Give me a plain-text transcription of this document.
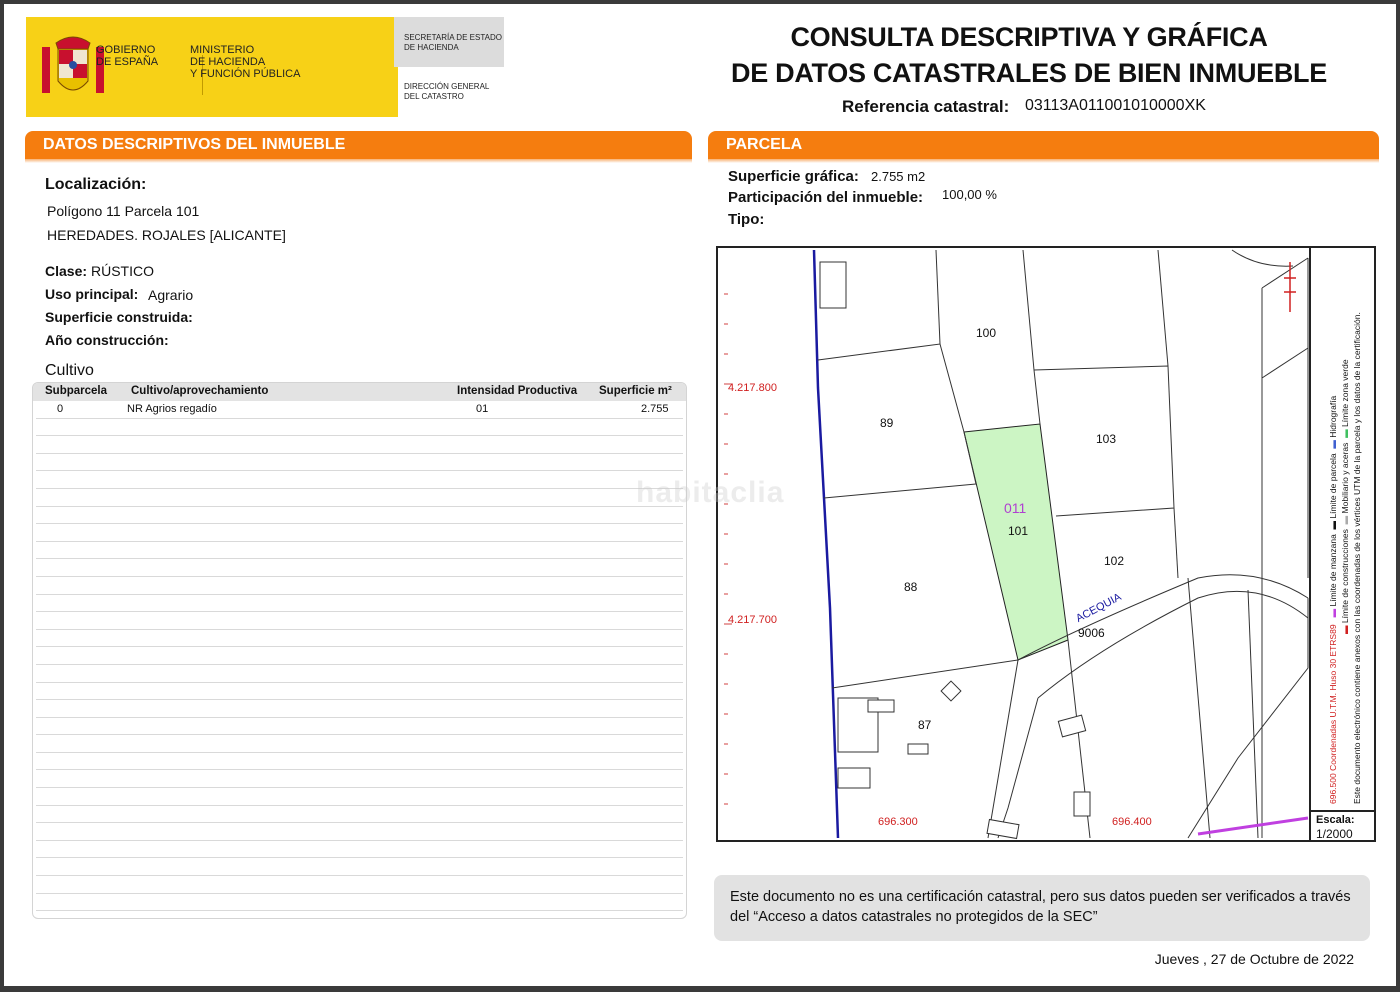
GOBIERNO
DE ESPAÑA
MINISTERIO
DE HACIENDA
Y FUNCIÓN PÚBLICA
SECRETARÍA DE ESTADO
DE HACIENDA
DIRECCIÓN GENERAL
DEL CATASTRO
CONSULTA DESCRIPTIVA Y GRÁFICA
DE DATOS CATASTRALES DE BIEN INMUEBLE
Referencia catastral: 03113A011001010000XK
DATOS DESCRIPTIVOS DEL INMUEBLE
Localización:
Polígono 11 Parcela 101
HEREDADES. ROJALES [ALICANTE]
Clase: RÚSTICO
Uso principal: Agrario
Superficie construida:
Año construcción:
Cultivo
Subparcela Cultivo/aprovechamiento	Intensidad Productiva Superficie m²
0	NR Agrios regadío	01	2.755
PARCELA
Superficie gráfica: 2.755 m2
Participación del inmueble: 100,00 %
Tipo:
4.217.800
4.217.700
696.300	696.400
100
89
103
011
101
102
88
87
ACEQUIA
9006	696.500 Coordenadas U.T.M. Huso 30 ETRS89   ▬ Límite de manzana  ▬ Límite de parcela  ▬ Hidrografía
▬ Límite de construcciones  ▬ Mobiliario y aceras  ▬ Límite zona verde Este documento electrónico contiene anexos con las coordenadas de los vértices UTM de la parcela y los datos de la certificación.
Escala:
1/2000
habitaclia
Este documento no es una certificación catastral, pero sus datos pueden ser verificados a través del “Acceso a datos catastrales no protegidos de la SEC”
Jueves , 27 de Octubre de 2022
